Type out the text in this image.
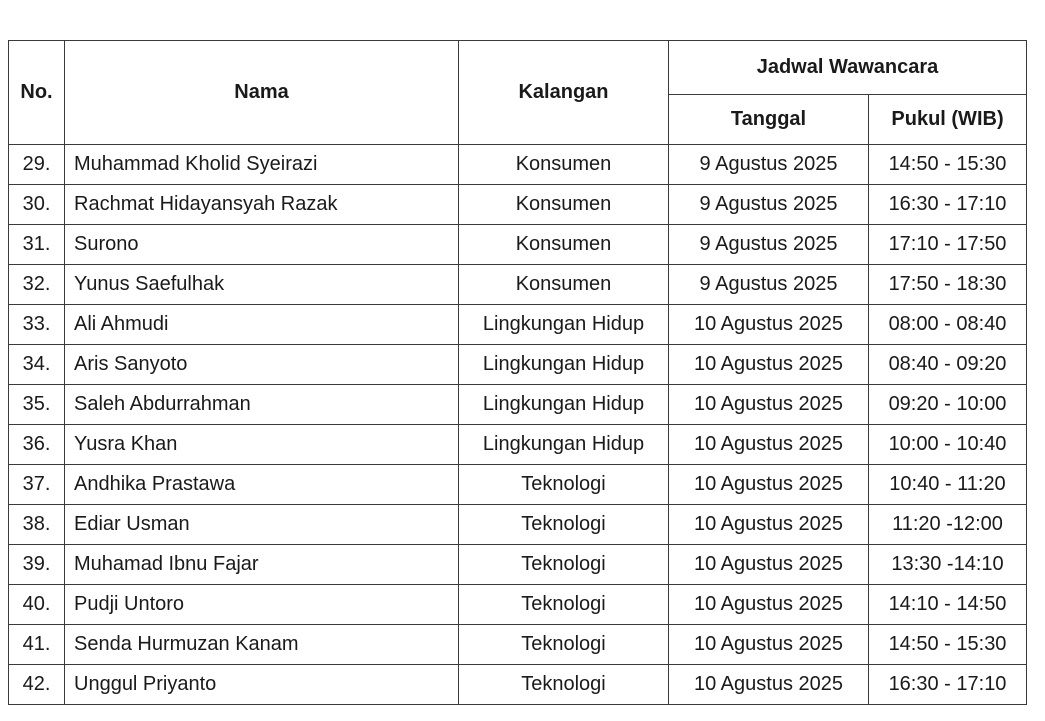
No.	Nama	Kalangan	Jadwal Wawancara	
			Tanggal	Pukul (WIB)
29.	Muhammad Kholid Syeirazi	Konsumen	9 Agustus 2025	14:50 - 15:30
30.	Rachmat Hidayansyah Razak	Konsumen	9 Agustus 2025	16:30 - 17:10
31.	Surono	Konsumen	9 Agustus 2025	17:10 - 17:50
32.	Yunus Saefulhak	Konsumen	9 Agustus 2025	17:50 - 18:30
33.	Ali Ahmudi	Lingkungan Hidup	10 Agustus 2025	08:00 - 08:40
34.	Aris Sanyoto	Lingkungan Hidup	10 Agustus 2025	08:40 - 09:20
35.	Saleh Abdurrahman	Lingkungan Hidup	10 Agustus 2025	09:20 - 10:00
36.	Yusra Khan	Lingkungan Hidup	10 Agustus 2025	10:00 - 10:40
37.	Andhika Prastawa	Teknologi	10 Agustus 2025	10:40 - 11:20
38.	Ediar Usman	Teknologi	10 Agustus 2025	11:20 -12:00
39.	Muhamad Ibnu Fajar	Teknologi	10 Agustus 2025	13:30 -14:10
40.	Pudji Untoro	Teknologi	10 Agustus 2025	14:10 - 14:50
41.	Senda Hurmuzan Kanam	Teknologi	10 Agustus 2025	14:50 - 15:30
42.	Unggul Priyanto	Teknologi	10 Agustus 2025	16:30 - 17:10
